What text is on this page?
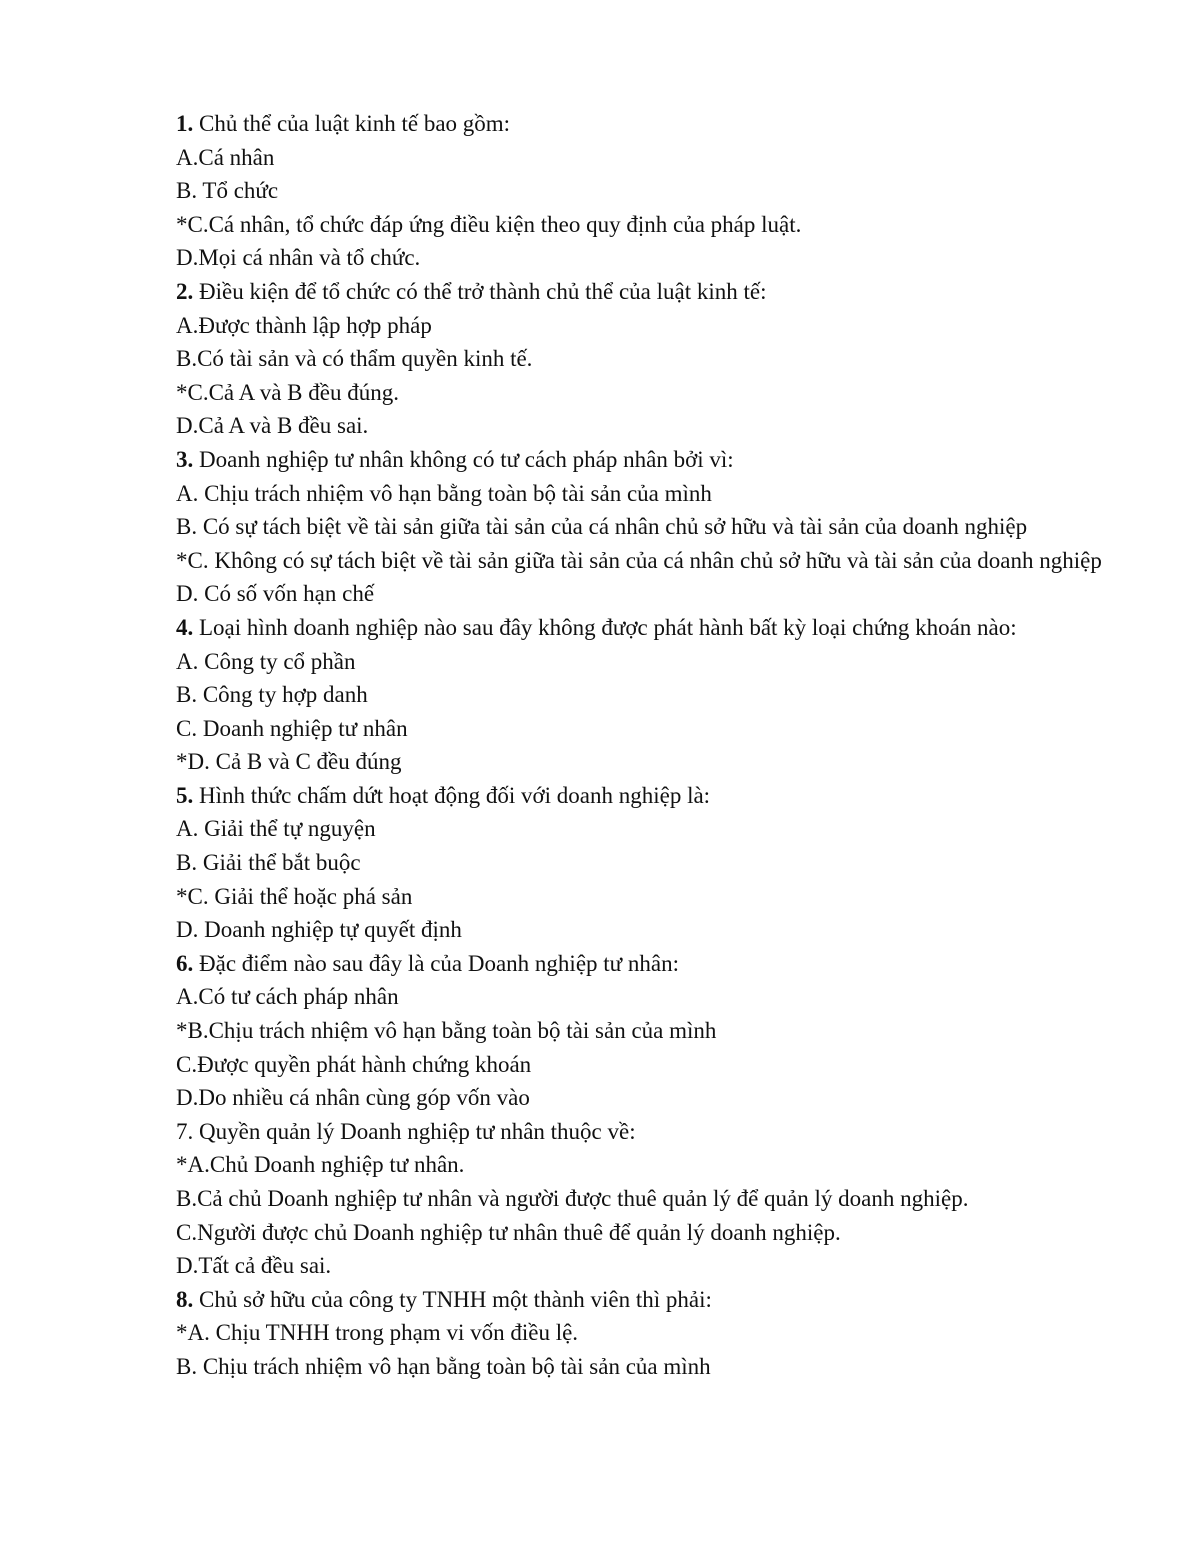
1. Chủ thể của luật kinh tế bao gồm:
A.Cá nhân
B. Tổ chức
*C.Cá nhân, tổ chức đáp ứng điều kiện theo quy định của pháp luật.
D.Mọi cá nhân và tổ chức.
2. Điều kiện để tổ chức có thể trở thành chủ thể của luật kinh tế:
A.Được thành lập hợp pháp
B.Có tài sản và có thẩm quyền kinh tế.
*C.Cả A và B đều đúng.
D.Cả A và B đều sai.
3. Doanh nghiệp tư nhân không có tư cách pháp nhân bởi vì:
A. Chịu trách nhiệm vô hạn bằng toàn bộ tài sản của mình
B. Có sự tách biệt về tài sản giữa tài sản của cá nhân chủ sở hữu và tài sản của doanh nghiệp
*C. Không có sự tách biệt về tài sản giữa tài sản của cá nhân chủ sở hữu và tài sản của doanh nghiệp
D. Có số vốn hạn chế
4. Loại hình doanh nghiệp nào sau đây không được phát hành bất kỳ loại chứng khoán nào:
A. Công ty cổ phần
B. Công ty hợp danh
C. Doanh nghiệp tư nhân
*D. Cả B và C đều đúng
5. Hình thức chấm dứt hoạt động đối với doanh nghiệp là:
A. Giải thể tự nguyện
B. Giải thể bắt buộc
*C. Giải thể hoặc phá sản
D. Doanh nghiệp tự quyết định
6. Đặc điểm nào sau đây là của Doanh nghiệp tư nhân:
A.Có tư cách pháp nhân
*B.Chịu trách nhiệm vô hạn bằng toàn bộ tài sản của mình
C.Được quyền phát hành chứng khoán
D.Do nhiều cá nhân cùng góp vốn vào
7. Quyền quản lý Doanh nghiệp tư nhân thuộc về:
*A.Chủ Doanh nghiệp tư nhân.
B.Cả chủ Doanh nghiệp tư nhân và người được thuê quản lý để quản lý doanh nghiệp.
C.Người được chủ Doanh nghiệp tư nhân thuê để quản lý doanh nghiệp.
D.Tất cả đều sai.
8. Chủ sở hữu của công ty TNHH một thành viên thì phải:
*A. Chịu TNHH trong phạm vi vốn điều lệ.
B. Chịu trách nhiệm vô hạn bằng toàn bộ tài sản của mình
